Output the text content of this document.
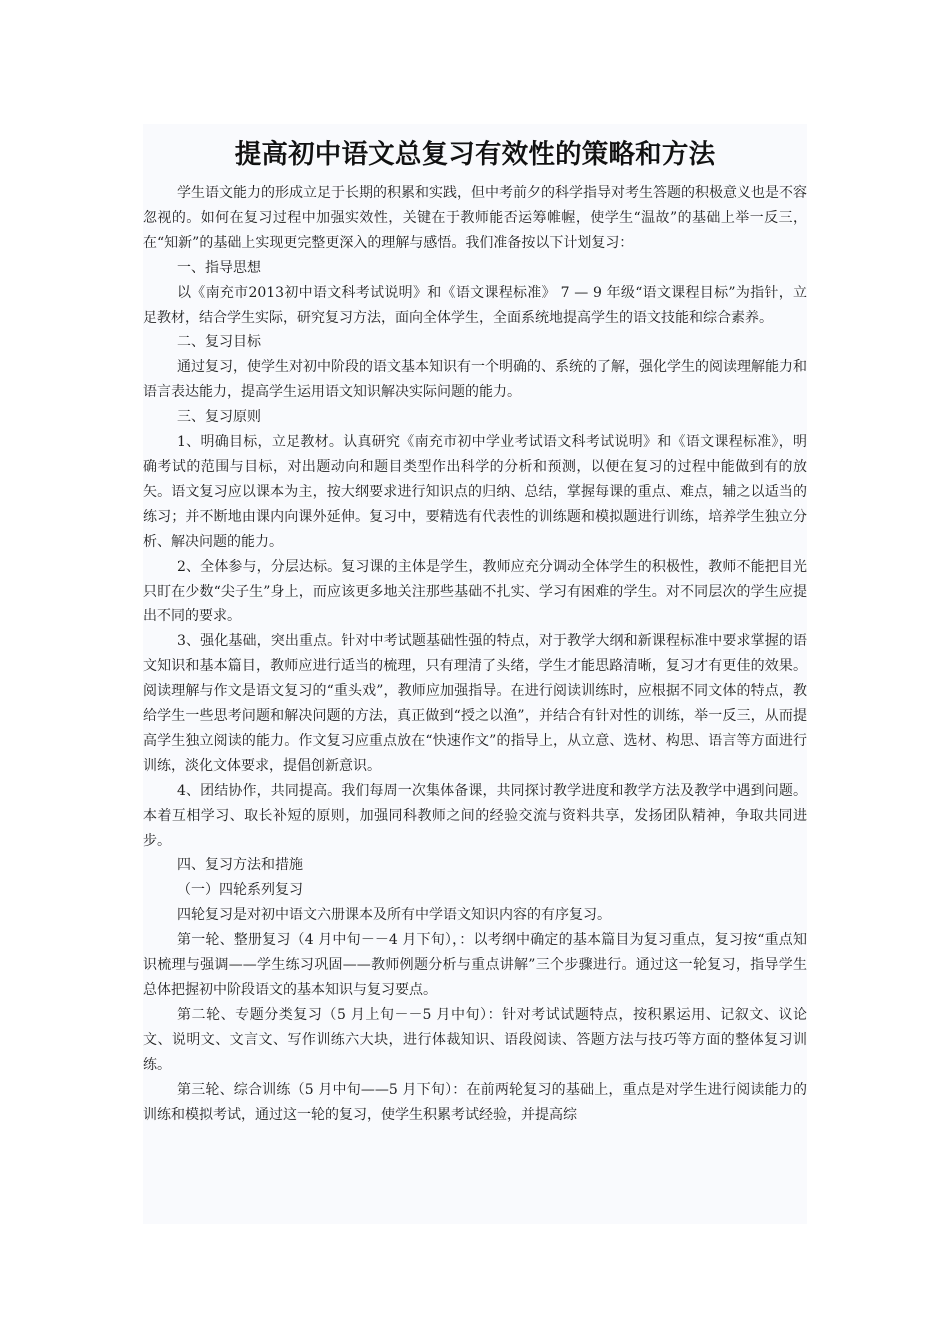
提高初中语文总复习有效性的策略和方法

学生语文能力的形成立足于长期的积累和实践，但中考前夕的科学指导对考生答题的积极意义也是不容忽视的。如何在复习过程中加强实效性，关键在于教师能否运筹帷幄，使学生“温故”的基础上举一反三，在“知新”的基础上实现更完整更深入的理解与感悟。我们准备按以下计划复习：

一、指导思想

以《南充市2013初中语文科考试说明》和《语文课程标准》 7 — 9 年级“语文课程目标”为指针，立足教材，结合学生实际，研究复习方法，面向全体学生，全面系统地提高学生的语文技能和综合素养。

二、复习目标

通过复习，使学生对初中阶段的语文基本知识有一个明确的、系统的了解，强化学生的阅读理解能力和语言表达能力，提高学生运用语文知识解决实际问题的能力。

三、复习原则

1、明确目标，立足教材。认真研究《南充市初中学业考试语文科考试说明》和《语文课程标准》，明确考试的范围与目标，对出题动向和题目类型作出科学的分析和预测，以便在复习的过程中能做到有的放矢。语文复习应以课本为主，按大纲要求进行知识点的归纳、总结，掌握每课的重点、难点，辅之以适当的练习；并不断地由课内向课外延伸。复习中，要精选有代表性的训练题和模拟题进行训练，培养学生独立分析、解决问题的能力。

2、全体参与，分层达标。复习课的主体是学生，教师应充分调动全体学生的积极性，教师不能把目光只盯在少数“尖子生”身上，而应该更多地关注那些基础不扎实、学习有困难的学生。对不同层次的学生应提出不同的要求。

3、强化基础，突出重点。针对中考试题基础性强的特点，对于教学大纲和新课程标准中要求掌握的语文知识和基本篇目，教师应进行适当的梳理，只有理清了头绪，学生才能思路清晰，复习才有更佳的效果。阅读理解与作文是语文复习的“重头戏”，教师应加强指导。在进行阅读训练时，应根据不同文体的特点，教给学生一些思考问题和解决问题的方法，真正做到“授之以渔”，并结合有针对性的训练，举一反三，从而提高学生独立阅读的能力。作文复习应重点放在“快速作文”的指导上，从立意、选材、构思、语言等方面进行训练，淡化文体要求，提倡创新意识。

4、团结协作，共同提高。我们每周一次集体备课，共同探讨教学进度和教学方法及教学中遇到问题。本着互相学习、取长补短的原则，加强同科教师之间的经验交流与资料共享，发扬团队精神，争取共同进步。

四、复习方法和措施

（一）四轮系列复习

四轮复习是对初中语文六册课本及所有中学语文知识内容的有序复习。

第一轮、整册复习（4 月中旬－－4 月下旬），：以考纲中确定的基本篇目为复习重点，复习按“重点知识梳理与强调——学生练习巩固——教师例题分析与重点讲解”三个步骤进行。通过这一轮复习，指导学生总体把握初中阶段语文的基本知识与复习要点。

第二轮、专题分类复习（5 月上旬－－5 月中旬）：针对考试试题特点，按积累运用、记叙文、议论文、说明文、文言文、写作训练六大块，进行体裁知识、语段阅读、答题方法与技巧等方面的整体复习训练。

第三轮、综合训练（5 月中旬——5 月下旬）：在前两轮复习的基础上，重点是对学生进行阅读能力的训练和模拟考试，通过这一轮的复习，使学生积累考试经验，并提高综
